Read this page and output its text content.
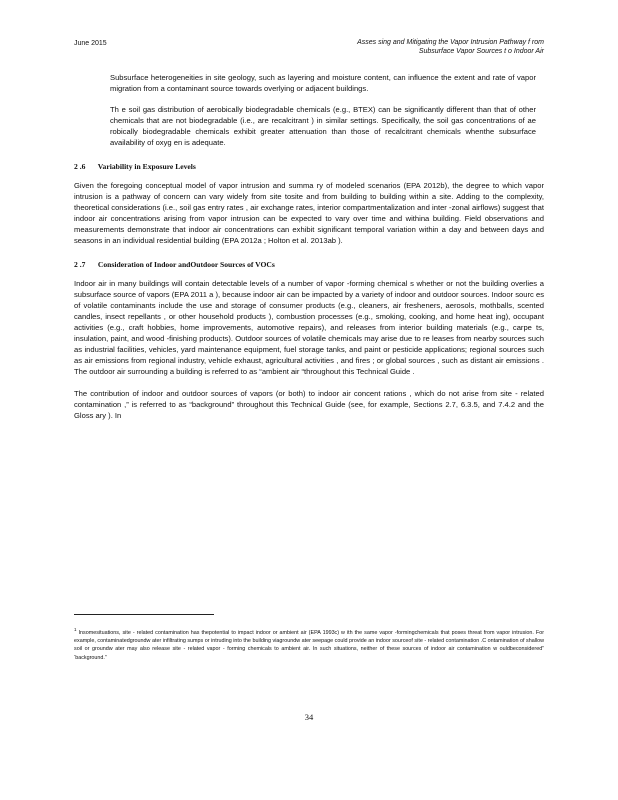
June 2015	Asses sing and Mitigating the Vapor Intrusion Pathway f rom
Subsurface Vapor Sources t o Indoor Air
Subsurface heterogeneities in site geology, such as layering and moisture content, can influence the extent and rate of vapor migration from a contaminant source towards overlying or adjacent buildings.
Th e soil gas distribution of aerobically biodegradable chemicals (e.g., BTEX) can be significantly different than that of other chemicals that are not biodegradable (i.e., are recalcitrant ) in similar settings. Specifically, the soil gas concentrations of ae robically biodegradable chemicals exhibit greater attenuation than those of recalcitrant chemicals whenthe subsurface availability of oxyg en is adequate.
2 .6 Variability in Exposure Levels

Given the foregoing conceptual model of vapor intrusion and summa ry of modeled scenarios (EPA 2012b), the degree to which vapor intrusion is a pathway of concern can vary widely from site tosite and from building to building within a site. Adding to the complexity, theoretical considerations (i.e., soil gas entry rates , air exchange rates, interior compartmentalization and inter -zonal airflows) suggest that indoor air concentrations arising from vapor intrusion can be expected to vary over time and withina building. Field observations and measurements demonstrate that indoor air concentrations can exhibit significant temporal variation within a day and between days and seasons in an individual residential building (EPA 2012a ; Holton et al. 2013ab ).

2 .7 Consideration of Indoor andOutdoor Sources of VOCs

Indoor air in many buildings will contain detectable levels of a number of vapor -forming chemical s whether or not the building overlies a subsurface source of vapors (EPA 2011 a ), because indoor air can be impacted by a variety of indoor and outdoor sources. Indoor sourc es of volatile contaminants include the use and storage of consumer products (e.g., cleaners, air fresheners, aerosols, mothballs, scented candles, insect repellants , or other household products ), combustion processes (e.g., smoking, cooking, and home heat ing), occupant activities (e.g., craft hobbies, home improvements, automotive repairs), and releases from interior building materials (e.g., carpe ts, insulation, paint, and wood -finishing products). Outdoor sources of volatile chemicals may arise due to re leases from nearby sources such as industrial facilities, vehicles, yard maintenance equipment, fuel storage tanks, and paint or pesticide applications; regional sources such as air emissions from regional industry, vehicle exhaust, agricultural activities , and fires ; or global sources , such as distant air emissions . The outdoor air surrounding a building is referred to as “ambient air “throughout this Technical Guide .

The contribution of indoor and outdoor sources of vapors (or both) to indoor air concent rations , which do not arise from site - related contamination ,” is referred to as “background” throughout this Technical Guide (see, for example, Sections 2.7, 6.3.5, and 7.4.2 and the Gloss ary ). In

$^1$ Insomesituations, site - related contamination has thepotential to impact indoor or ambient air (EPA 1993c) w ith the same vapor -formingchemicals that poses threat from vapor intrusion. For example, contaminatedgroundw ater infiltrating sumps or intruding into the building viagroundw ater seepage could provide an indoor sourceof site - related contamination .C ontamination of shallow soil or groundw ater may also release site - related vapor - forming chemicals to ambient air. In such situations, neither of these sources of indoor air contamination w ouldbeconsidered” ‘background.”
34
